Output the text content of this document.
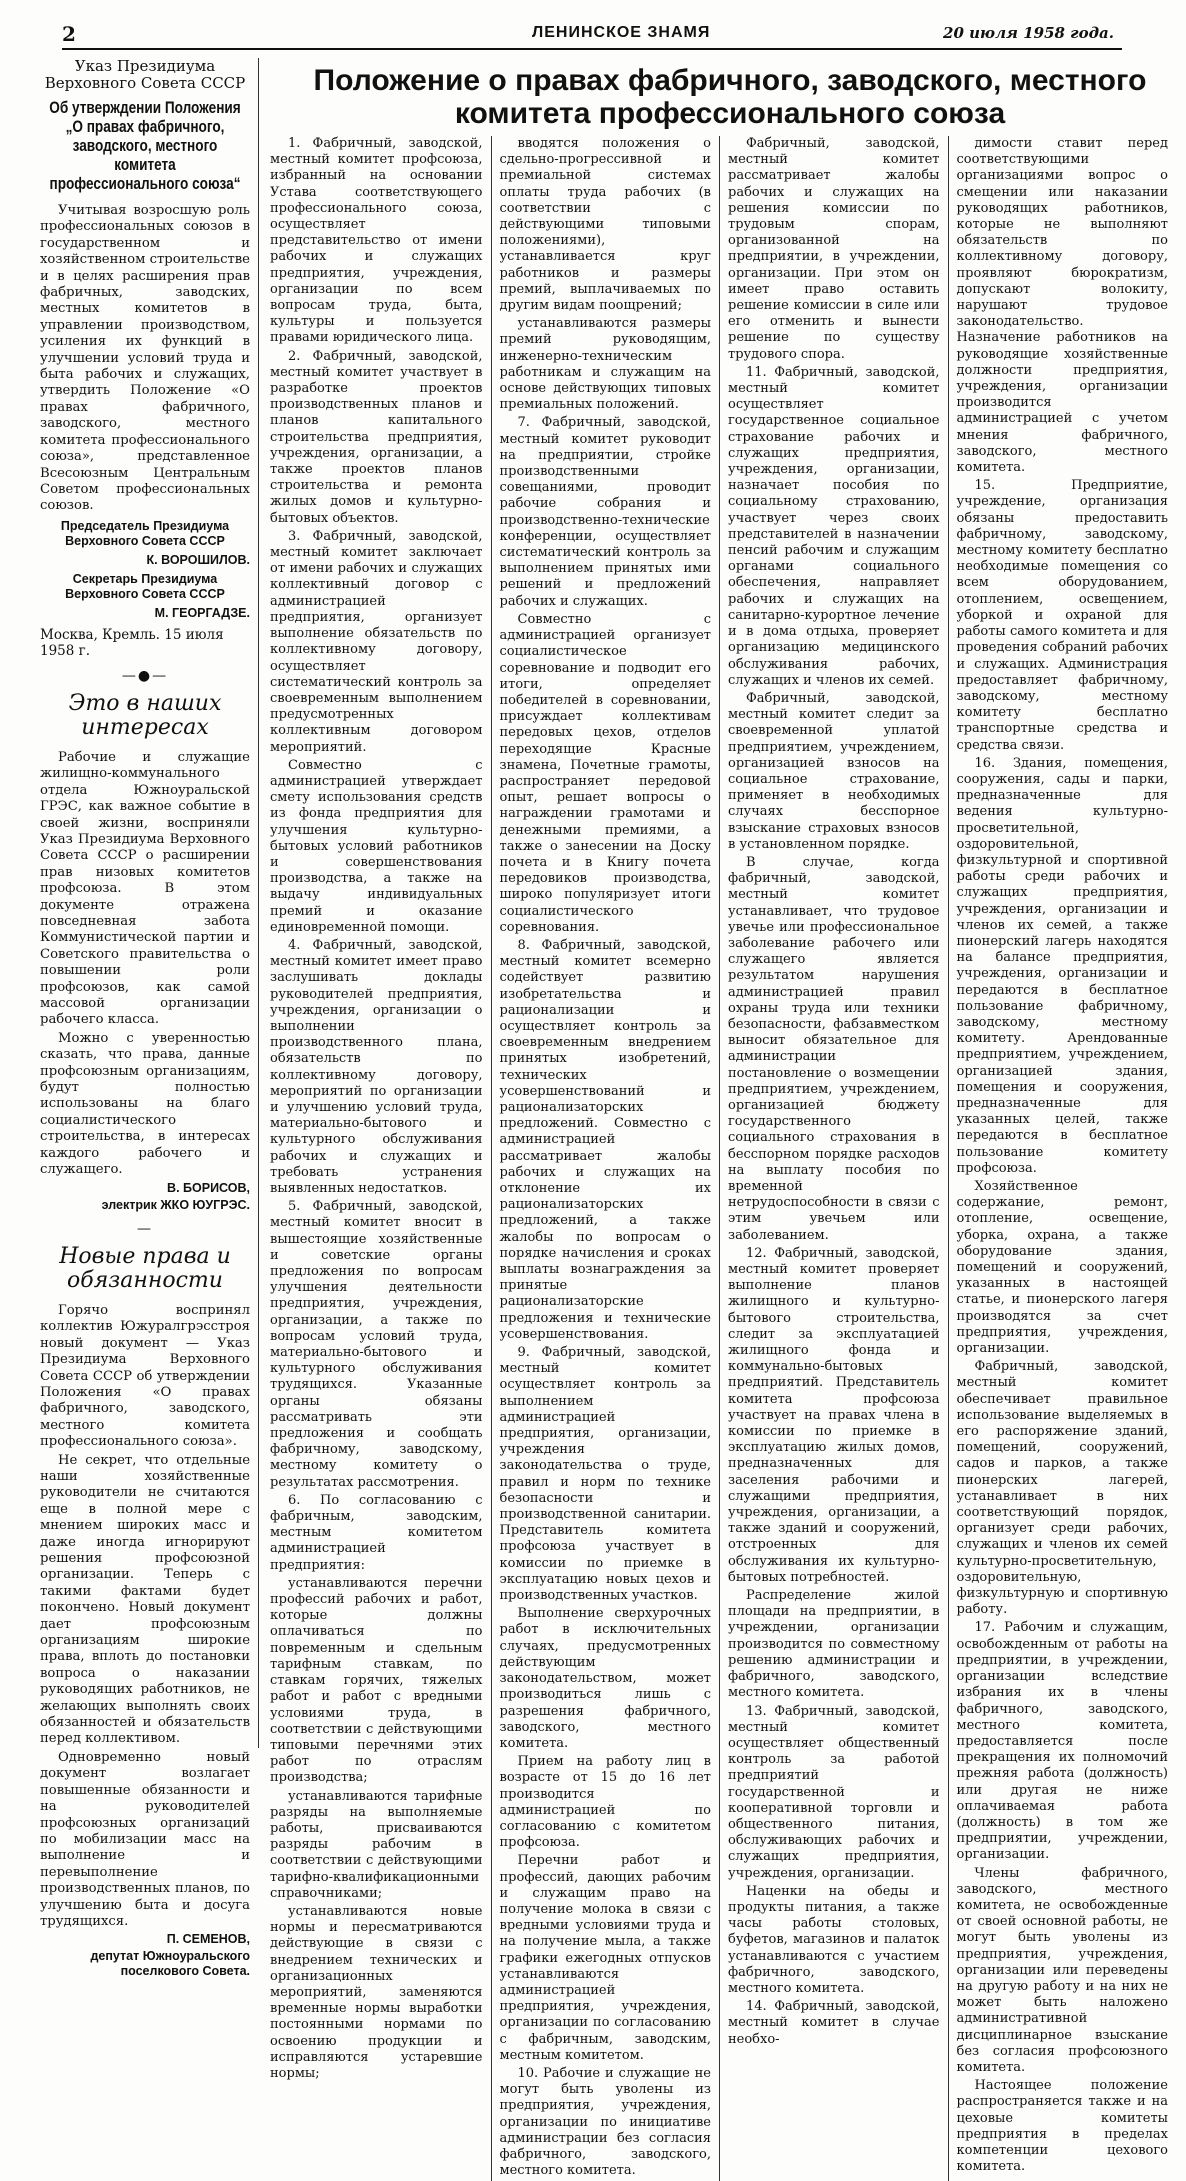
2	ЛЕНИНСКОЕ ЗНАМЯ	20 июля 1958 года.
Указ Президиума Верховного Совета СССР
Об утверждении Положения „О правах фабричного, заводского, местного комитета профессионального союза“

Учитывая возросшую роль профессиональных союзов в государственном и хозяйственном строительстве и в целях расширения прав фабричных, заводских, местных комитетов в управлении производством, усиления их функций в улучшении условий труда и быта рабочих и служащих, утвердить Положение «О правах фабричного, заводского, местного комитета профессионального союза», представленное Всесоюзным Центральным Советом профессиональных союзов.

Председатель Президиума Верховного Совета СССР
К. ВОРОШИЛОВ.
Секретарь Президиума Верховного Совета СССР
М. ГЕОРГАДЗЕ.
Москва, Кремль. 15 июля 1958 г.
—●—
Это в наших интересах

Рабочие и служащие жилищно-коммунального отдела Южноуральской ГРЭС, как важное событие в своей жизни, восприняли Указ Президиума Верховного Совета СССР о расширении прав низовых комитетов профсоюза. В этом документе отражена повседневная забота Коммунистической партии и Советского правительства о повышении роли профсоюзов, как самой массовой организации рабочего класса.

Можно с уверенностью сказать, что права, данные профсоюзным организациям, будут полностью использованы на благо социалистического строительства, в интересах каждого рабочего и служащего.

В. БОРИСОВ,
электрик ЖКО ЮУГРЭС.
—
Новые права и обязанности

Горячо воспринял коллектив Южуралгрэсстроя новый документ — Указ Президиума Верховного Совета СССР об утверждении Положения «О правах фабричного, заводского, местного комитета профессионального союза».

Не секрет, что отдельные наши хозяйственные руководители не считаются еще в полной мере с мнением широких масс и даже иногда игнорируют решения профсоюзной организации. Теперь с такими фактами будет покончено. Новый документ дает профсоюзным организациям широкие права, вплоть до постановки вопроса о наказании руководящих работников, не желающих выполнять своих обязанностей и обязательств перед коллективом.

Одновременно новый документ возлагает повышенные обязанности и на руководителей профсоюзных организаций по мобилизации масс на выполнение и перевыполнение производственных планов, по улучшению быта и досуга трудящихся.

П. СЕМЕНОВ,
депутат Южноуральского поселкового Совета.
Положение о правах фабричного, заводского, местного комитета профессионального союза

1. Фабричный, заводской, местный комитет профсоюза, избранный на основании Устава соответствующего профессионального союза, осуществляет представительство от имени рабочих и служащих предприятия, учреждения, организации по всем вопросам труда, быта, культуры и пользуется правами юридического лица.

2. Фабричный, заводской, местный комитет участвует в разработке проектов производственных планов и планов капитального строительства предприятия, учреждения, организации, а также проектов планов строительства и ремонта жилых домов и культурно-бытовых объектов.

3. Фабричный, заводской, местный комитет заключает от имени рабочих и служащих коллективный договор с администрацией предприятия, организует выполнение обязательств по коллективному договору, осуществляет систематический контроль за своевременным выполнением предусмотренных коллективным договором мероприятий.

Совместно с администрацией утверждает смету использования средств из фонда предприятия для улучшения культурно-бытовых условий работников и совершенствования производства, а также на выдачу индивидуальных премий и оказание единовременной помощи.

4. Фабричный, заводской, местный комитет имеет право заслушивать доклады руководителей предприятия, учреждения, организации о выполнении производственного плана, обязательств по коллективному договору, мероприятий по организации и улучшению условий труда, материально-бытового и культурного обслуживания рабочих и служащих и требовать устранения выявленных недостатков.

5. Фабричный, заводской, местный комитет вносит в вышестоящие хозяйственные и советские органы предложения по вопросам улучшения деятельности предприятия, учреждения, организации, а также по вопросам условий труда, материально-бытового и культурного обслуживания трудящихся. Указанные органы обязаны рассматривать эти предложения и сообщать фабричному, заводскому, местному комитету о результатах рассмотрения.

6. По согласованию с фабричным, заводским, местным комитетом администрацией предприятия:

устанавливаются перечни профессий рабочих и работ, которые должны оплачиваться по повременным и сдельным тарифным ставкам, по ставкам горячих, тяжелых работ и работ с вредными условиями труда, в соответствии с действующими типовыми перечнями этих работ по отраслям производства;

устанавливаются тарифные разряды на выполняемые работы, присваиваются разряды рабочим в соответствии с действующими тарифно-квалификационными справочниками;

устанавливаются новые нормы и пересматриваются действующие в связи с внедрением технических и организационных мероприятий, заменяются временные нормы выработки постоянными нормами по освоению продукции и исправляются устаревшие нормы;

вводятся положения о сдельно-прогрессивной и премиальной системах оплаты труда рабочих (в соответствии с действующими типовыми положениями), устанавливается круг работников и размеры премий, выплачиваемых по другим видам поощрений;

устанавливаются размеры премий руководящим, инженерно-техническим работникам и служащим на основе действующих типовых премиальных положений.

7. Фабричный, заводской, местный комитет руководит на предприятии, стройке производственными совещаниями, проводит рабочие собрания и производственно-технические конференции, осуществляет систематический контроль за выполнением принятых ими решений и предложений рабочих и служащих.

Совместно с администрацией организует социалистическое соревнование и подводит его итоги, определяет победителей в соревновании, присуждает коллективам передовых цехов, отделов переходящие Красные знамена, Почетные грамоты, распространяет передовой опыт, решает вопросы о награждении грамотами и денежными премиями, а также о занесении на Доску почета и в Книгу почета передовиков производства, широко популяризует итоги социалистического соревнования.

8. Фабричный, заводской, местный комитет всемерно содействует развитию изобретательства и рационализации и осуществляет контроль за своевременным внедрением принятых изобретений, технических усовершенствований и рационализаторских предложений. Совместно с администрацией рассматривает жалобы рабочих и служащих на отклонение их рационализаторских предложений, а также жалобы по вопросам о порядке начисления и сроках выплаты вознаграждения за принятые рационализаторские предложения и технические усовершенствования.

9. Фабричный, заводской, местный комитет осуществляет контроль за выполнением администрацией предприятия, организации, учреждения законодательства о труде, правил и норм по технике безопасности и производственной санитарии. Представитель комитета профсоюза участвует в комиссии по приемке в эксплуатацию новых цехов и производственных участков.

Выполнение сверхурочных работ в исключительных случаях, предусмотренных действующим законодательством, может производиться лишь с разрешения фабричного, заводского, местного комитета.

Прием на работу лиц в возрасте от 15 до 16 лет производится администрацией по согласованию с комитетом профсоюза.

Перечни работ и профессий, дающих рабочим и служащим право на получение молока в связи с вредными условиями труда и на получение мыла, а также графики ежегодных отпусков устанавливаются администрацией предприятия, учреждения, организации по согласованию с фабричным, заводским, местным комитетом.

10. Рабочие и служащие не могут быть уволены из предприятия, учреждения, организации по инициативе администрации без согласия фабричного, заводского, местного комитета.

Фабричный, заводской, местный комитет рассматривает жалобы рабочих и служащих на решения комиссии по трудовым спорам, организованной на предприятии, в учреждении, организации. При этом он имеет право оставить решение комиссии в силе или его отменить и вынести решение по существу трудового спора.

11. Фабричный, заводской, местный комитет осуществляет государственное социальное страхование рабочих и служащих предприятия, учреждения, организации, назначает пособия по социальному страхованию, участвует через своих представителей в назначении пенсий рабочим и служащим органами социального обеспечения, направляет рабочих и служащих на санитарно-курортное лечение и в дома отдыха, проверяет организацию медицинского обслуживания рабочих, служащих и членов их семей.

Фабричный, заводской, местный комитет следит за своевременной уплатой предприятием, учреждением, организацией взносов на социальное страхование, применяет в необходимых случаях бесспорное взыскание страховых взносов в установленном порядке.

В случае, когда фабричный, заводской, местный комитет устанавливает, что трудовое увечье или профессиональное заболевание рабочего или служащего является результатом нарушения администрацией правил охраны труда или техники безопасности, фабзавместком выносит обязательное для администрации постановление о возмещении предприятием, учреждением, организацией бюджету государственного социального страхования в бесспорном порядке расходов на выплату пособия по временной нетрудоспособности в связи с этим увечьем или заболеванием.

12. Фабричный, заводской, местный комитет проверяет выполнение планов жилищного и культурно-бытового строительства, следит за эксплуатацией жилищного фонда и коммунально-бытовых предприятий. Представитель комитета профсоюза участвует на правах члена в комиссии по приемке в эксплуатацию жилых домов, предназначенных для заселения рабочими и служащими предприятия, учреждения, организации, а также зданий и сооружений, отстроенных для обслуживания их культурно-бытовых потребностей.

Распределение жилой площади на предприятии, в учреждении, организации производится по совместному решению администрации и фабричного, заводского, местного комитета.

13. Фабричный, заводской, местный комитет осуществляет общественный контроль за работой предприятий государственной и кооперативной торговли и общественного питания, обслуживающих рабочих и служащих предприятия, учреждения, организации.

Наценки на обеды и продукты питания, а также часы работы столовых, буфетов, магазинов и палаток устанавливаются с участием фабричного, заводского, местного комитета.

14. Фабричный, заводской, местный комитет в случае необхо-

димости ставит перед соответствующими организациями вопрос о смещении или наказании руководящих работников, которые не выполняют обязательств по коллективному договору, проявляют бюрократизм, допускают волокиту, нарушают трудовое законодательство. Назначение работников на руководящие хозяйственные должности предприятия, учреждения, организации производится администрацией с учетом мнения фабричного, заводского, местного комитета.

15. Предприятие, учреждение, организация обязаны предоставить фабричному, заводскому, местному комитету бесплатно необходимые помещения со всем оборудованием, отоплением, освещением, уборкой и охраной для работы самого комитета и для проведения собраний рабочих и служащих. Администрация предоставляет фабричному, заводскому, местному комитету бесплатно транспортные средства и средства связи.

16. Здания, помещения, сооружения, сады и парки, предназначенные для ведения культурно-просветительной, оздоровительной, физкультурной и спортивной работы среди рабочих и служащих предприятия, учреждения, организации и членов их семей, а также пионерский лагерь находятся на балансе предприятия, учреждения, организации и передаются в бесплатное пользование фабричному, заводскому, местному комитету. Арендованные предприятием, учреждением, организацией здания, помещения и сооружения, предназначенные для указанных целей, также передаются в бесплатное пользование комитету профсоюза.

Хозяйственное содержание, ремонт, отопление, освещение, уборка, охрана, а также оборудование здания, помещений и сооружений, указанных в настоящей статье, и пионерского лагеря производятся за счет предприятия, учреждения, организации.

Фабричный, заводской, местный комитет обеспечивает правильное использование выделяемых в его распоряжение зданий, помещений, сооружений, садов и парков, а также пионерских лагерей, устанавливает в них соответствующий порядок, организует среди рабочих, служащих и членов их семей культурно-просветительную, оздоровительную, физкультурную и спортивную работу.

17. Рабочим и служащим, освобожденным от работы на предприятии, в учреждении, организации вследствие избрания их в члены фабричного, заводского, местного комитета, предоставляется после прекращения их полномочий прежняя работа (должность) или другая не ниже оплачиваемая работа (должность) в том же предприятии, учреждении, организации.

Члены фабричного, заводского, местного комитета, не освобожденные от своей основной работы, не могут быть уволены из предприятия, учреждения, организации или переведены на другую работу и на них не может быть наложено административной дисциплинарное взыскание без согласия профсоюзного комитета.

Настоящее положение распространяется также и на цеховые комитеты предприятия в пределах компетенции цехового комитета.
